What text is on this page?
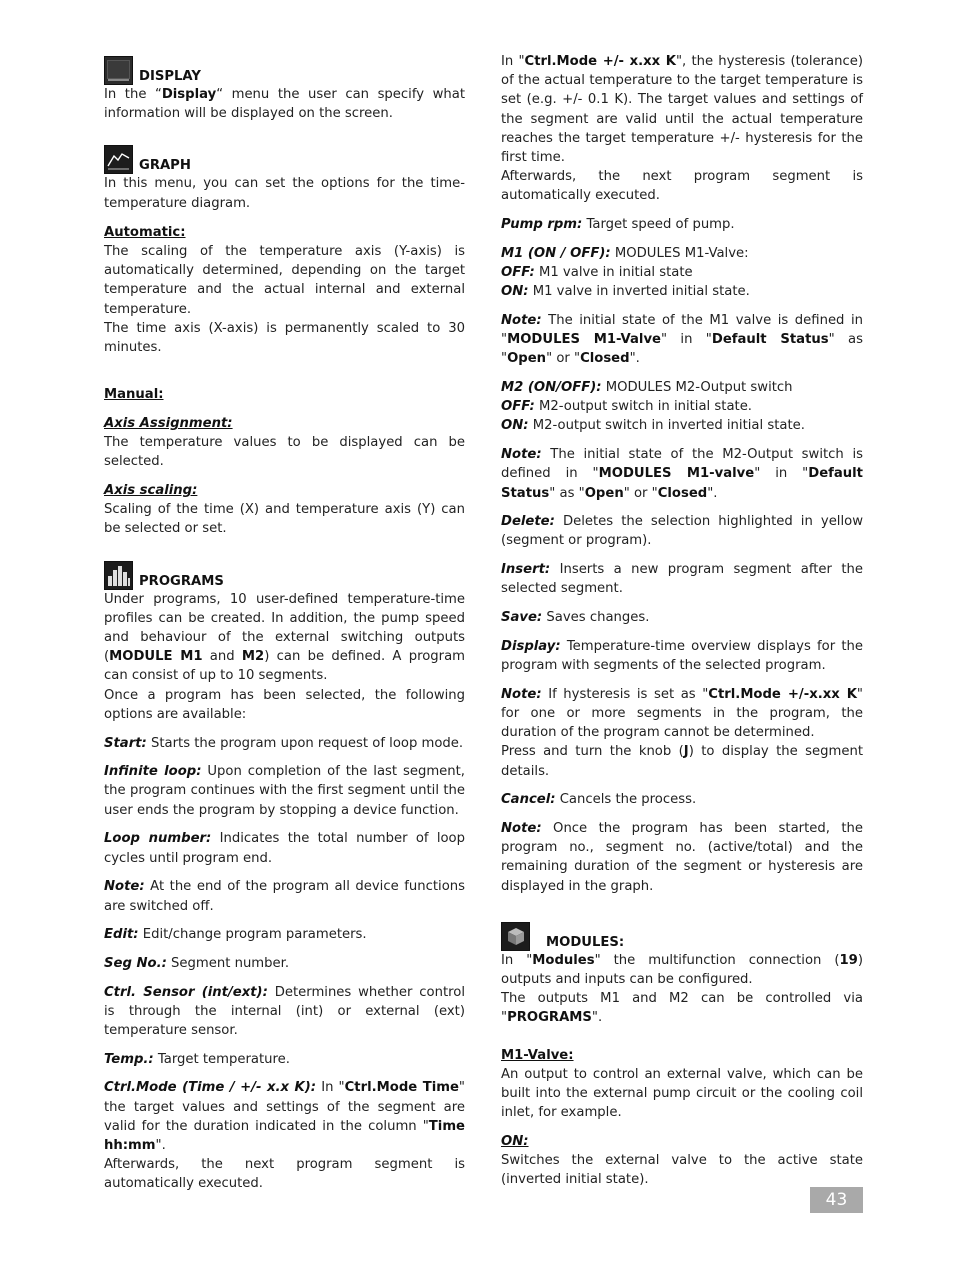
DISPLAY

In the “Display“ menu the user can specify what information will be displayed on the screen.

GRAPH

In this menu, you can set the options for the time-temperature diagram.

Automatic:

The scaling of the temperature axis (Y-axis) is automatically determined, depending on the target temperature and the actual internal and external temperature.

The time axis (X-axis) is permanently scaled to 30 minutes.

Manual:
Axis Assignment:

The temperature values to be displayed can be selected.

Axis scaling:

Scaling of the time (X) and temperature axis (Y) can be selected or set.

PROGRAMS

Under programs, 10 user-defined temperature-time profiles can be created. In addition, the pump speed and behaviour of the external switching outputs (MODULE M1 and M2) can be defined. A program can consist of up to 10 segments.

Once a program has been selected, the following options are available:

Start: Starts the program upon request of loop mode.

Infinite loop: Upon completion of the last segment, the program continues with the first segment until the user ends the program by stopping a device function.

Loop number: Indicates the total number of loop cycles until program end.

Note: At the end of the program all device functions are switched off.

Edit: Edit/change program parameters.

Seg No.: Segment number.

Ctrl. Sensor (int/ext): Determines whether control is through the internal (int) or external (ext) temperature sensor.

Temp.: Target temperature.

Ctrl.Mode (Time / +/- x.x K): In "Ctrl.Mode Time" the target values and settings of the segment are valid for the duration indicated in the column "Time hh:mm".

Afterwards, the next program segment is automatically executed.

In "Ctrl.Mode +/- x.xx K", the hysteresis (tolerance) of the actual temperature to the target temperature is set (e.g. +/- 0.1 K). The target values and settings of the segment are valid until the actual temperature reaches the target temperature +/- hysteresis for the first time.

Afterwards, the next program segment is automatically executed.

Pump rpm: Target speed of pump.

M1 (ON / OFF): MODULES M1-Valve:
OFF: M1 valve in initial state
ON: M1 valve in inverted initial state.

Note: The initial state of the M1 valve is defined in "MODULES M1-Valve" in "Default Status" as "Open" or "Closed".

M2 (ON/OFF): MODULES M2-Output switch
OFF: M2-output switch in initial state.
ON: M2-output switch in inverted initial state.

Note: The initial state of the M2-Output switch is defined in "MODULES M1-valve" in "Default Status" as "Open" or "Closed".

Delete: Deletes the selection highlighted in yellow (segment or program).

Insert: Inserts a new program segment after the selected segment.

Save: Saves changes.

Display: Temperature-time overview displays for the program with segments of the selected program.

Note: If hysteresis is set as "Ctrl.Mode +/-x.xx K" for one or more segments in the program, the duration of the program cannot be determined.

Press and turn the knob (J) to display the segment details.

Cancel: Cancels the process.

Note: Once the program has been started, the program no., segment no. (active/total) and the remaining duration of the segment or hysteresis are displayed in the graph.

MODULES:

In "Modules" the multifunction connection (19) outputs and inputs can be configured.

The outputs M1 and M2 can be controlled via "PROGRAMS".

M1-Valve:

An output to control an external valve, which can be built into the external pump circuit or the cooling coil inlet, for example.

ON:

Switches the external valve to the active state (inverted initial state).

43
